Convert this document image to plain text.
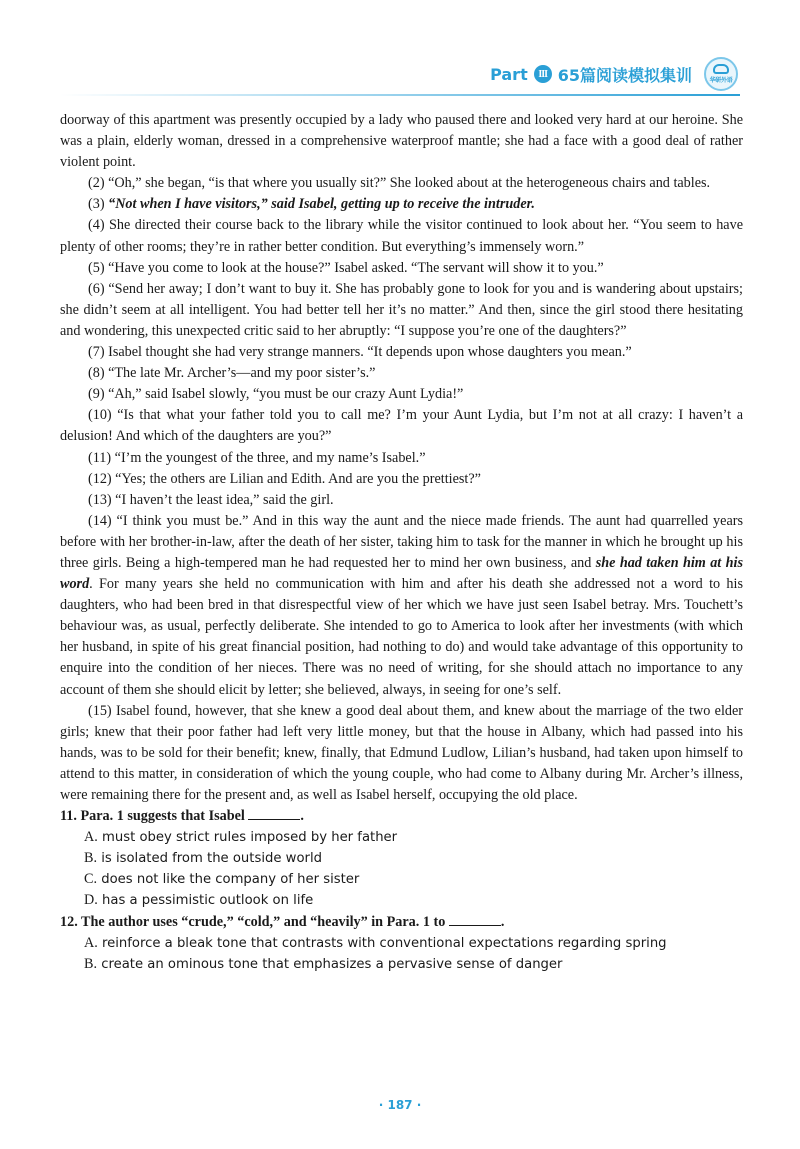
Part	III 65篇阅读模拟集训	华研外语

doorway of this apartment was presently occupied by a lady who paused there and looked very hard at our heroine. She was a plain, elderly woman, dressed in a comprehensive waterproof mantle; she had a face with a good deal of rather violent point.

(2) “Oh,” she began, “is that where you usually sit?” She looked about at the heterogeneous chairs and tables.

(3) “Not when I have visitors,” said Isabel, getting up to receive the intruder.

(4) She directed their course back to the library while the visitor continued to look about her. “You seem to have plenty of other rooms; they’re in rather better condition. But everything’s immensely worn.”

(5) “Have you come to look at the house?” Isabel asked. “The servant will show it to you.”

(6) “Send her away; I don’t want to buy it. She has probably gone to look for you and is wandering about upstairs; she didn’t seem at all intelligent. You had better tell her it’s no matter.” And then, since the girl stood there hesitating and wondering, this unexpected critic said to her abruptly: “I suppose you’re one of the daughters?”

(7) Isabel thought she had very strange manners. “It depends upon whose daughters you mean.”

(8) “The late Mr. Archer’s—and my poor sister’s.”

(9) “Ah,” said Isabel slowly, “you must be our crazy Aunt Lydia!”

(10) “Is that what your father told you to call me? I’m your Aunt Lydia, but I’m not at all crazy: I haven’t a delusion! And which of the daughters are you?”

(11) “I’m the youngest of the three, and my name’s Isabel.”

(12) “Yes; the others are Lilian and Edith. And are you the prettiest?”

(13) “I haven’t the least idea,” said the girl.

(14) “I think you must be.” And in this way the aunt and the niece made friends. The aunt had quarrelled years before with her brother-in-law, after the death of her sister, taking him to task for the manner in which he brought up his three girls. Being a high-tempered man he had requested her to mind her own business, and she had taken him at his word. For many years she held no communication with him and after his death she addressed not a word to his daughters, who had been bred in that disrespectful view of her which we have just seen Isabel betray. Mrs. Touchett’s behaviour was, as usual, perfectly deliberate. She intended to go to America to look after her investments (with which her husband, in spite of his great financial position, had nothing to do) and would take advantage of this opportunity to enquire into the condition of her nieces. There was no need of writing, for she should attach no importance to any account of them she should elicit by letter; she believed, always, in seeing for one’s self.

(15) Isabel found, however, that she knew a good deal about them, and knew about the marriage of the two elder girls; knew that their poor father had left very little money, but that the house in Albany, which had passed into his hands, was to be sold for their benefit; knew, finally, that Edmund Ludlow, Lilian’s husband, had taken upon himself to attend to this matter, in consideration of which the young couple, who had come to Albany during Mr. Archer’s illness, were remaining there for the present and, as well as Isabel herself, occupying the old place.

11. Para. 1 suggests that Isabel	.

A. must obey strict rules imposed by her father

B. is isolated from the outside world

C. does not like the company of her sister

D. has a pessimistic outlook on life

12. The author uses “crude,” “cold,” and “heavily” in Para. 1 to	.

A. reinforce a bleak tone that contrasts with conventional expectations regarding spring

B. create an ominous tone that emphasizes a pervasive sense of danger

· 187 ·
